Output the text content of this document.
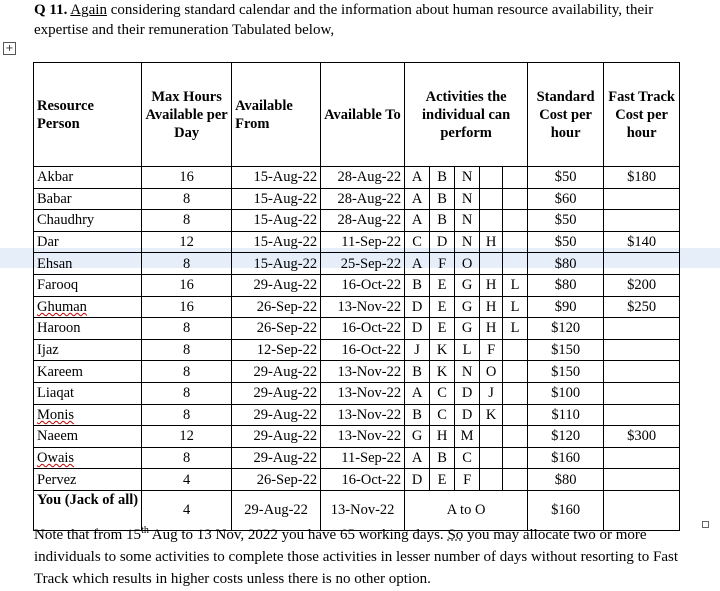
Q 11. Again considering standard calendar and the information about human resource availability, their expertise and their remuneration Tabulated below,
+
Resource Person	Max Hours Available per Day	Available From	Available To	Activities the individual can perform					Standard Cost per hour	Fast Track Cost per hour
Akbar	16	15-Aug-22	28-Aug-22	A	B	N			$50	$180
Babar	8	15-Aug-22	28-Aug-22	A	B	N			$60	
Chaudhry	8	15-Aug-22	28-Aug-22	A	B	N			$50	
Dar	12	15-Aug-22	11-Sep-22	C	D	N	H		$50	$140
Ehsan	8	15-Aug-22	25-Sep-22	A	F	O			$80	
Farooq	16	29-Aug-22	16-Oct-22	B	E	G	H	L	$80	$200
Ghuman	16	26-Sep-22	13-Nov-22	D	E	G	H	L	$90	$250
Haroon	8	26-Sep-22	16-Oct-22	D	E	G	H	L	$120	
Ijaz	8	12-Sep-22	16-Oct-22	J	K	L	F		$150	
Kareem	8	29-Aug-22	13-Nov-22	B	K	N	O		$150	
Liaqat	8	29-Aug-22	13-Nov-22	A	C	D	J		$100	
Monis	8	29-Aug-22	13-Nov-22	B	C	D	K		$110	
Naeem	12	29-Aug-22	13-Nov-22	G	H	M			$120	$300
Owais	8	29-Aug-22	11-Sep-22	A	B	C			$160	
Pervez	4	26-Sep-22	16-Oct-22	D	E	F			$80	
You (Jack of all)	4	29-Aug-22	13-Nov-22	A to O					$160	
Note that from 15th Aug to 13 Nov, 2022 you have 65 working days. So you may allocate two or more individuals to some activities to complete those activities in lesser number of days without resorting to Fast Track which results in higher costs unless there is no other option.
